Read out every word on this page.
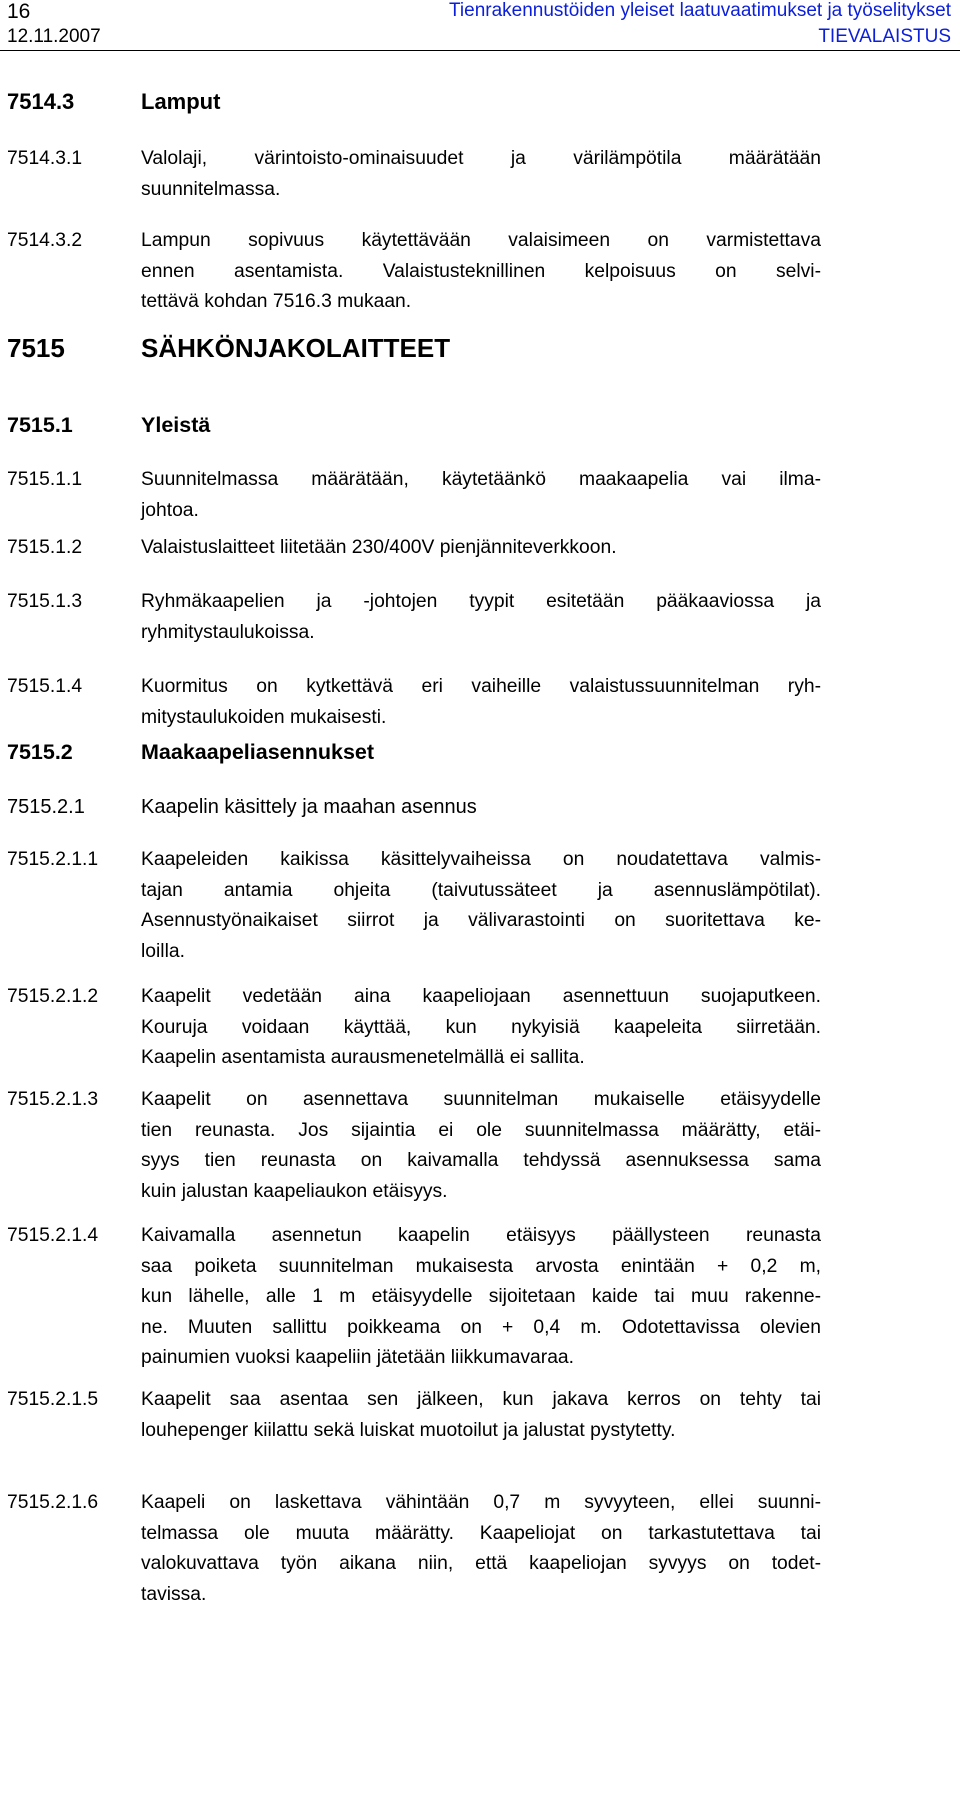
16
12.11.2007
Tienrakennustöiden yleiset laatuvaatimukset ja työselitykset
TIEVALAISTUS
7514.3	Lamput
7514.3.1	Valolaji, värintoisto-ominaisuudet ja värilämpötila määrätään
suunnitelmassa.
7514.3.2	Lampun sopivuus käytettävään valaisimeen on varmistettava
ennen asentamista. Valaistusteknillinen kelpoisuus on selvi-
tettävä kohdan 7516.3 mukaan.
7515	SÄHKÖNJAKOLAITTEET
7515.1	Yleistä
7515.1.1	Suunnitelmassa määrätään, käytetäänkö maakaapelia vai ilma-
johtoa.
7515.1.2	Valaistuslaitteet liitetään 230/400V pienjänniteverkkoon.
7515.1.3	Ryhmäkaapelien ja -johtojen tyypit esitetään pääkaaviossa ja
ryhmitystaulukoissa.
7515.1.4	Kuormitus on kytkettävä eri vaiheille valaistussuunnitelman ryh-
mitystaulukoiden mukaisesti.
7515.2	Maakaapeliasennukset
7515.2.1	Kaapelin käsittely ja maahan asennus
7515.2.1.1 Kaapeleiden kaikissa käsittelyvaiheissa on noudatettava valmis-
tajan antamia ohjeita (taivutussäteet ja asennuslämpötilat).
Asennustyönaikaiset siirrot ja välivarastointi on suoritettava ke-
loilla.
7515.2.1.2 Kaapelit vedetään aina kaapeliojaan asennettuun suojaputkeen.
Kouruja voidaan käyttää, kun nykyisiä kaapeleita siirretään.
Kaapelin asentamista aurausmenetelmällä ei sallita.
7515.2.1.3 Kaapelit on asennettava suunnitelman mukaiselle etäisyydelle
tien reunasta. Jos sijaintia ei ole suunnitelmassa määrätty, etäi-
syys tien reunasta on kaivamalla tehdyssä asennuksessa sama
kuin jalustan kaapeliaukon etäisyys.
7515.2.1.4 Kaivamalla asennetun kaapelin etäisyys päällysteen reunasta
saa poiketa suunnitelman mukaisesta arvosta enintään + 0,2 m,
kun lähelle, alle 1 m etäisyydelle sijoitetaan kaide tai muu rakenne-
ne. Muuten sallittu poikkeama on + 0,4 m. Odotettavissa olevien
painumien vuoksi kaapeliin jätetään liikkumavaraa.
7515.2.1.5 Kaapelit saa asentaa sen jälkeen, kun jakava kerros on tehty tai
louhepenger kiilattu sekä luiskat muotoilut ja jalustat pystytetty.
7515.2.1.6 Kaapeli on laskettava vähintään 0,7 m syvyyteen, ellei suunni-
telmassa ole muuta määrätty. Kaapeliojat on tarkastutettava tai
valokuvattava työn aikana niin, että kaapeliojan syvyys on todet-
tavissa.
